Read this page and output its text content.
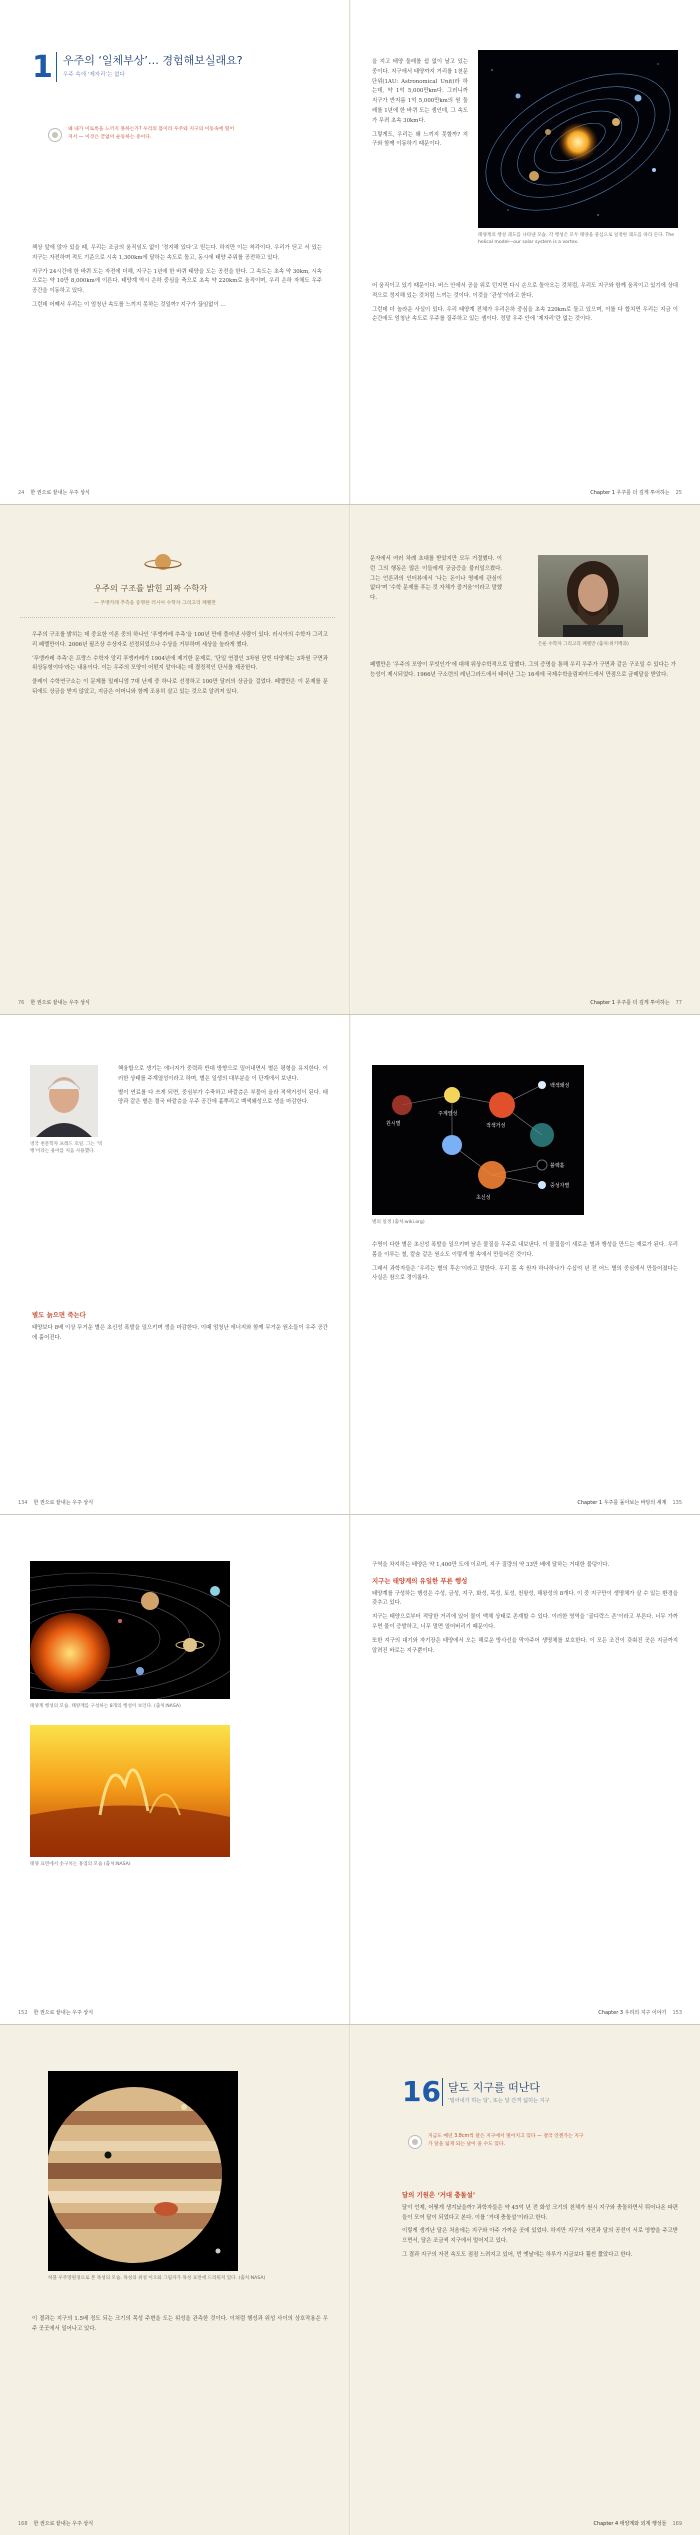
1 우주의 ‘일체부상’… 경험해보실래요?
우주 속에 ‘제자리’는 없다
왜 내가 이토록을 느끼지 못하는가? 우리의 몸이라 우주와 지구의 이동속에 떨어져서 — 이것은 끝없이 운동하는 중이다.

책상 앞에 앉아 있을 때, 우리는 조금의 움직임도 없이 ‘정지해 있다’고 믿는다. 하지만 이는 착각이다. 우리가 딛고 서 있는 지구는 자전하며 적도 기준으로 시속 1,300km에 달하는 속도로 돌고, 동시에 태양 주위를 공전하고 있다.

지구가 24시간에 한 바퀴 도는 자전에 더해, 지구는 1년에 한 바퀴 태양을 도는 공전을 한다. 그 속도는 초속 약 30km, 시속으로는 약 10만 8,000km에 이른다. 태양계 역시 은하 중심을 축으로 초속 약 220km로 움직이며, 우리 은하 자체도 우주 공간을 이동하고 있다.

그런데 어째서 우리는 이 엄청난 속도를 느끼지 못하는 것일까? 지구가 끊임없이 …

24 한 권으로 끝내는 우주 상식

을 지고 태양 둘레를 쉼 없이 날고 있는 중이다. 지구에서 태양까지 거리를 1천문단위(1AU: Astronomical Unit)라 하는데, 약 1억 5,000만km다. 그러니까 지구가 반지름 1억 5,000만km의 원 둘레를 1년에 한 바퀴 도는 셈인데, 그 속도가 무려 초속 30km다.

그렇게도, 우리는 왜 느끼지 못할까? 지구와 함께 이동하기 때문이다.

태양계의 행성 궤도를 나타낸 모습. 각 행성은 모두 태양을 중심으로 일정한 궤도를 따라 돈다. The helical model—our solar system is a vortex.

어 움직이고 있기 때문이다. 버스 안에서 공을 위로 던지면 다시 손으로 돌아오는 것처럼, 우리도 지구와 함께 움직이고 있기에 상대적으로 정지해 있는 것처럼 느끼는 것이다. 이것을 ‘관성’이라고 한다.

그런데 더 놀라운 사실이 있다. 우리 태양계 전체가 우리은하 중심을 초속 220km로 돌고 있으며, 이를 다 합치면 우리는 지금 이 순간에도 엄청난 속도로 우주를 질주하고 있는 셈이다. 정말 우주 안에 ‘제자리’란 없는 것이다.

Chapter 1 우주를 더 깊게 투어하는 25
우주의 구조를 밝힌 괴짜 수학자
— 푸앵카레 추측을 증명한 러시아 수학자 그리고리 페렐만

우주의 구조를 밝히는 데 중요한 이론 중의 하나인 ‘푸앵카레 추측’을 100년 만에 풀어낸 사람이 있다. 러시아의 수학자 그리고리 페렐만이다. 2006년 필즈상 수상자로 선정되었으나 수상을 거부하며 세상을 놀라게 했다.

‘푸앵카레 추측’은 프랑스 수학자 앙리 푸앵카레가 1904년에 제기한 문제로, ‘단일 연결인 3차원 닫힌 다양체는 3차원 구면과 위상동형이다’라는 내용이다. 이는 우주의 모양이 어떤지 알아내는 데 결정적인 단서를 제공한다.

클레이 수학연구소는 이 문제를 밀레니엄 7대 난제 중 하나로 선정하고 100만 달러의 상금을 걸었다. 페렐만은 이 문제를 푼 뒤에도 상금을 받지 않았고, 지금은 어머니와 함께 조용히 살고 있는 것으로 알려져 있다.

76 한 권으로 끝내는 우주 상식

문자에서 여러 차례 초대를 받았지만 모두 거절했다. 이런 그의 행동은 많은 이들에게 궁금증을 불러일으켰다. 그는 언론과의 인터뷰에서 ‘나는 돈이나 명예에 관심이 없다’며 ‘수학 문제를 푸는 것 자체가 즐거움’이라고 말했다.

은둔 수학자 그리고리 페렐만 (출처:위키백과)

페렐만은 ‘우주의 모양이 무엇인가’에 대해 위상수학적으로 답했다. 그의 증명을 통해 우리 우주가 구면과 같은 구조일 수 있다는 가능성이 제시되었다. 1966년 구소련의 레닌그라드에서 태어난 그는 16세에 국제수학올림피아드에서 만점으로 금메달을 받았다.

Chapter 1 우주를 더 깊게 투어하는 77
영국 천문학자 프레드 호일. 그는 ‘빅뱅’이라는 용어를 처음 사용했다.

핵융합으로 생기는 에너지가 중력과 반대 방향으로 밀어내면서 별은 평형을 유지한다. 이러한 상태를 주계열성이라고 하며, 별은 일생의 대부분을 이 단계에서 보낸다.

별이 연료를 다 쓰게 되면, 중심부가 수축하고 바깥층은 부풀어 올라 적색거성이 된다. 태양과 같은 별은 결국 바깥층을 우주 공간에 흩뿌리고 백색왜성으로 생을 마감한다.

별도 늙으면 죽는다

태양보다 8배 이상 무거운 별은 초신성 폭발을 일으키며 생을 마감한다. 이때 엄청난 에너지와 함께 무거운 원소들이 우주 공간에 흩어진다.

134 한 권으로 끝내는 우주 상식
원시별
주계열성
적색거성
초신성
백색왜성
중성자별
블랙홀
별의 일생 (출처:wiki.org)

수명이 다한 별은 초신성 폭발을 일으키며 남은 물질을 우주로 내보낸다. 이 물질들이 새로운 별과 행성을 만드는 재료가 된다. 우리 몸을 이루는 철, 칼슘 같은 원소도 이렇게 별 속에서 만들어진 것이다.

그래서 과학자들은 ‘우리는 별의 후손’이라고 말한다. 우리 몸 속 원자 하나하나가 수십억 년 전 어느 별의 중심에서 만들어졌다는 사실은 참으로 경이롭다.

Chapter 1 우주를 돌아보는 바탕의 세계 135
태양계 행성의 모습. 태양계를 구성하는 8개의 행성이 보인다. (출처:NASA)
태양 표면에서 솟구치는 홍염의 모습 (출처:NASA)
152 한 권으로 끝내는 우주 상식

구역을 차지하는 태양은 약 1,400만 도에 이르며, 지구 질량의 약 33만 배에 달하는 거대한 불덩이다.

지구는 태양계의 유일한 푸른 행성

태양계를 구성하는 행성은 수성, 금성, 지구, 화성, 목성, 토성, 천왕성, 해왕성의 8개다. 이 중 지구만이 생명체가 살 수 있는 환경을 갖추고 있다.

지구는 태양으로부터 적당한 거리에 있어 물이 액체 상태로 존재할 수 있다. 이러한 영역을 ‘골디락스 존’이라고 부른다. 너무 가까우면 물이 증발하고, 너무 멀면 얼어버리기 때문이다.

또한 지구의 대기와 자기장은 태양에서 오는 해로운 방사선을 막아주어 생명체를 보호한다. 이 모든 조건이 갖춰진 곳은 지금까지 알려진 바로는 지구뿐이다.

Chapter 3 우리의 지구 이야기 153
허블 우주망원경으로 본 목성의 모습. 목성의 위성 이오와 그림자가 목성 표면에 드리워져 있다. (출처:NASA)

이 결과는 지구의 1.5배 정도 되는 크기의 목성 주변을 도는 위성을 관측한 것이다. 이처럼 행성과 위성 사이의 상호작용은 우주 곳곳에서 일어나고 있다.

168 한 권으로 끝내는 우주 상식
16 달도 지구를 떠난다
‘밀어내기 하는 달’, 또는 달 간격 넓히는 지구
지금도 매년 3.8cm씩 달은 지구에서 멀어지고 있다 — 결국 언젠가는 지구가 달을 잃게 되는 날이 올 수도 있다.
달의 기원은 ‘거대 충돌설’

달이 언제, 어떻게 생겨났을까? 과학자들은 약 45억 년 전 화성 크기의 천체가 원시 지구와 충돌하면서 튀어나온 파편들이 모여 달이 되었다고 본다. 이를 ‘거대 충돌설’이라고 한다.

이렇게 생겨난 달은 처음에는 지구와 아주 가까운 곳에 있었다. 하지만 지구의 자전과 달의 공전이 서로 영향을 주고받으면서, 달은 조금씩 지구에서 멀어지고 있다.

그 결과 지구의 자전 속도도 점점 느려지고 있어, 먼 옛날에는 하루가 지금보다 훨씬 짧았다고 한다.

Chapter 4 태양계와 외계 행성들 169
